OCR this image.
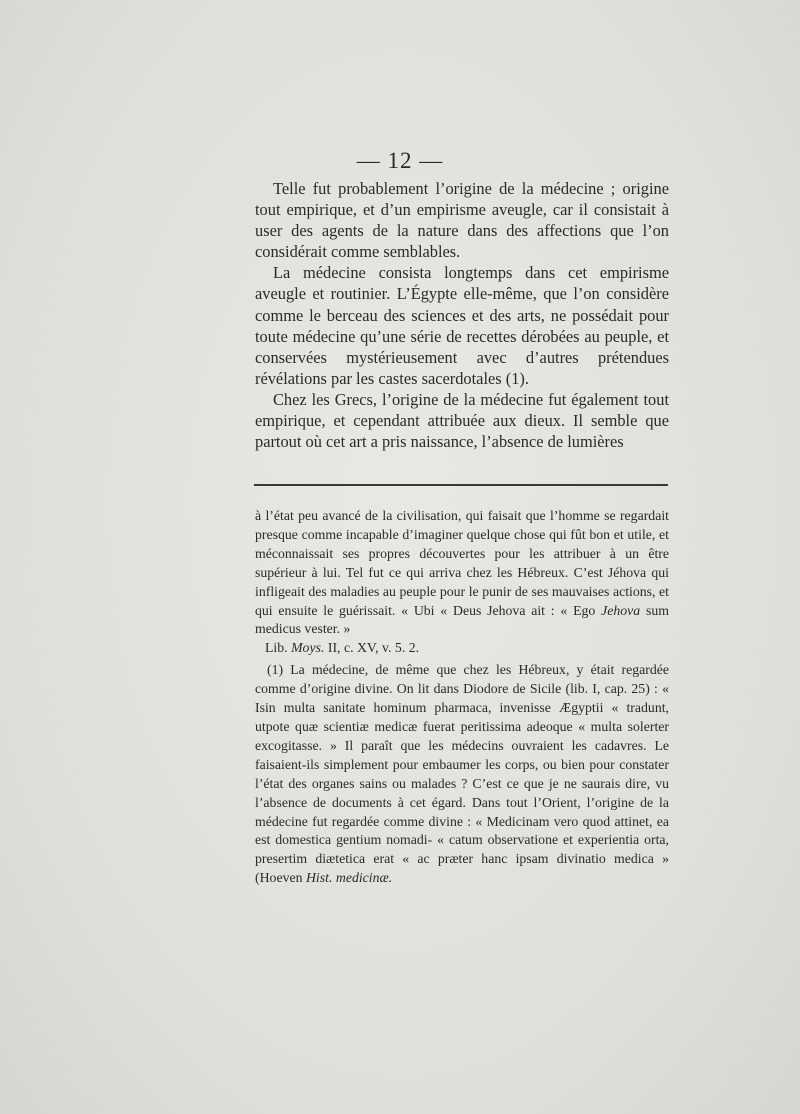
— 12 —

Telle fut probablement l’origine de la médecine ; origine tout empirique, et d’un empirisme aveugle, car il consistait à user des agents de la nature dans des affections que l’on considérait comme semblables.

La médecine consista longtemps dans cet empirisme aveugle et routinier. L’Égypte elle-même, que l’on considère comme le berceau des sciences et des arts, ne possédait pour toute médecine qu’une série de recettes dérobées au peuple, et conservées mystérieusement avec d’autres prétendues révélations par les castes sacerdotales (1).

Chez les Grecs, l’origine de la médecine fut également tout empirique, et cependant attribuée aux dieux. Il semble que partout où cet art a pris naissance, l’absence de lumières

à l’état peu avancé de la civilisation, qui faisait que l’homme se regardait presque comme incapable d’imaginer quelque chose qui fût bon et utile, et méconnaissait ses propres découvertes pour les attribuer à un être supérieur à lui. Tel fut ce qui arriva chez les Hébreux. C’est Jéhova qui infligeait des maladies au peuple pour le punir de ses mauvaises actions, et qui ensuite le guérissait. « Ubi « Deus Jehova ait : « Ego Jehova sum medicus vester. »

Lib. Moys. II, c. XV, v. 5. 2.

(1) La médecine, de même que chez les Hébreux, y était regardée comme d’origine divine. On lit dans Diodore de Sicile (lib. I, cap. 25) : « Isin multa sanitate hominum pharmaca, invenisse Ægyptii « tradunt, utpote quæ scientiæ medicæ fuerat peritissima adeoque « multa solerter excogitasse. » Il paraît que les médecins ouvraient les cadavres. Le faisaient-ils simplement pour embaumer les corps, ou bien pour constater l’état des organes sains ou malades ? C’est ce que je ne saurais dire, vu l’absence de documents à cet égard. Dans tout l’Orient, l’origine de la médecine fut regardée comme divine : « Medicinam vero quod attinet, ea est domestica gentium nomadi- « catum observatione et experientia orta, presertim diætetica erat « ac præter hanc ipsam divinatio medica » (Hoeven Hist. medicinæ.
